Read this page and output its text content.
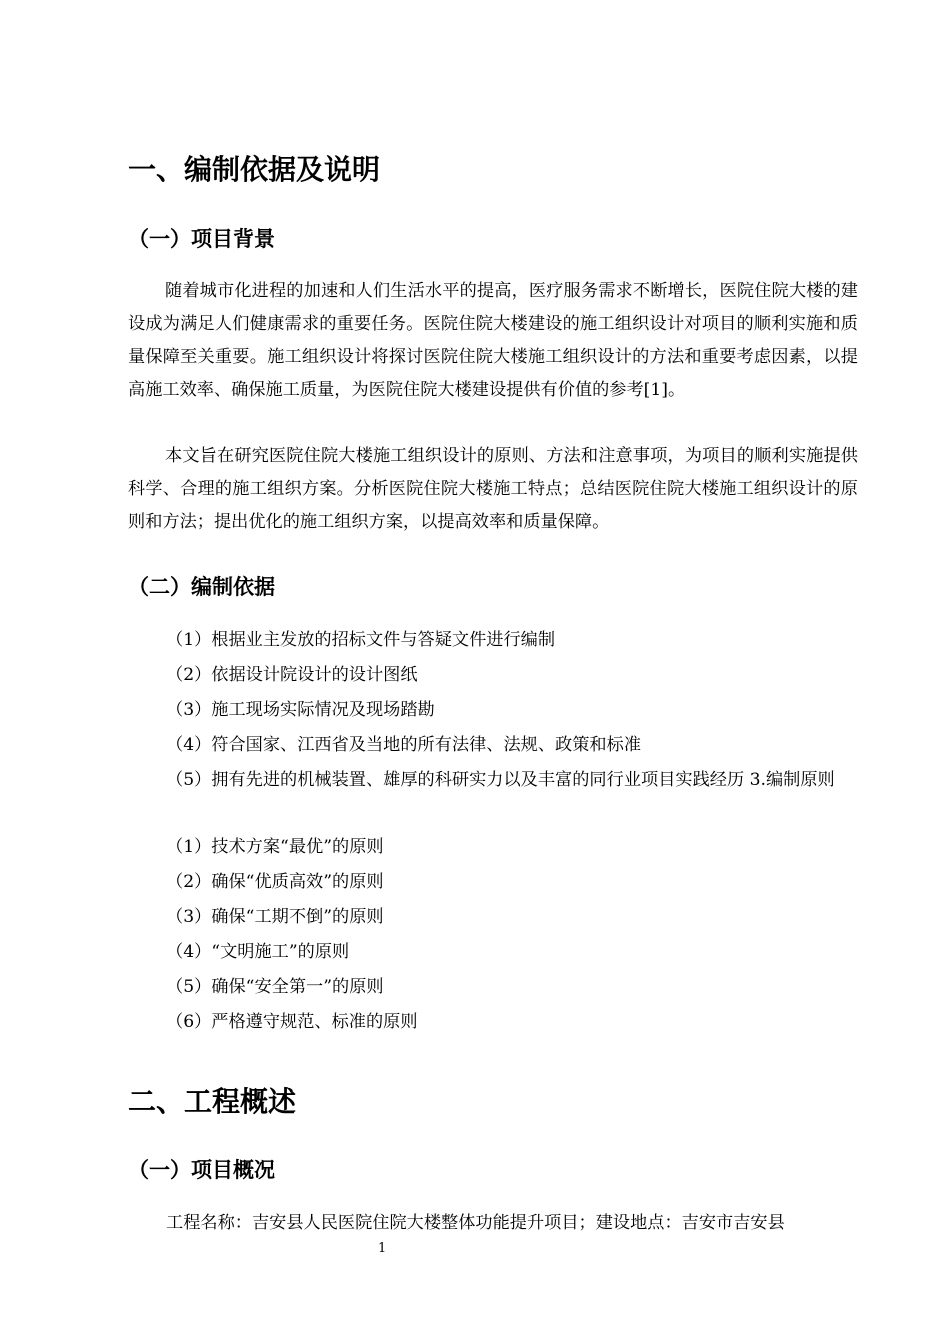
一、编制依据及说明
（一）项目背景

随着城市化进程的加速和人们生活水平的提高，医疗服务需求不断增长，医院住院大楼的建设成为满足人们健康需求的重要任务。医院住院大楼建设的施工组织设计对项目的顺利实施和质量保障至关重要。施工组织设计将探讨医院住院大楼施工组织设计的方法和重要考虑因素，以提高施工效率、确保施工质量，为医院住院大楼建设提供有价值的参考[1]。

本文旨在研究医院住院大楼施工组织设计的原则、方法和注意事项，为项目的顺利实施提供科学、合理的施工组织方案。分析医院住院大楼施工特点；总结医院住院大楼施工组织设计的原则和方法；提出优化的施工组织方案，以提高效率和质量保障。

（二）编制依据
（1）根据业主发放的招标文件与答疑文件进行编制
（2）依据设计院设计的设计图纸
（3）施工现场实际情况及现场踏勘
（4）符合国家、江西省及当地的所有法律、法规、政策和标准

（5）拥有先进的机械装置、雄厚的科研实力以及丰富的同行业项目实践经历 3.编制原则

（1）技术方案“最优”的原则
（2）确保“优质高效”的原则
（3）确保“工期不倒”的原则
（4）“文明施工”的原则
（5）确保“安全第一”的原则
（6）严格遵守规范、标准的原则
二、工程概述
（一）项目概况
工程名称：吉安县人民医院住院大楼整体功能提升项目；建设地点：吉安市吉安县
1
